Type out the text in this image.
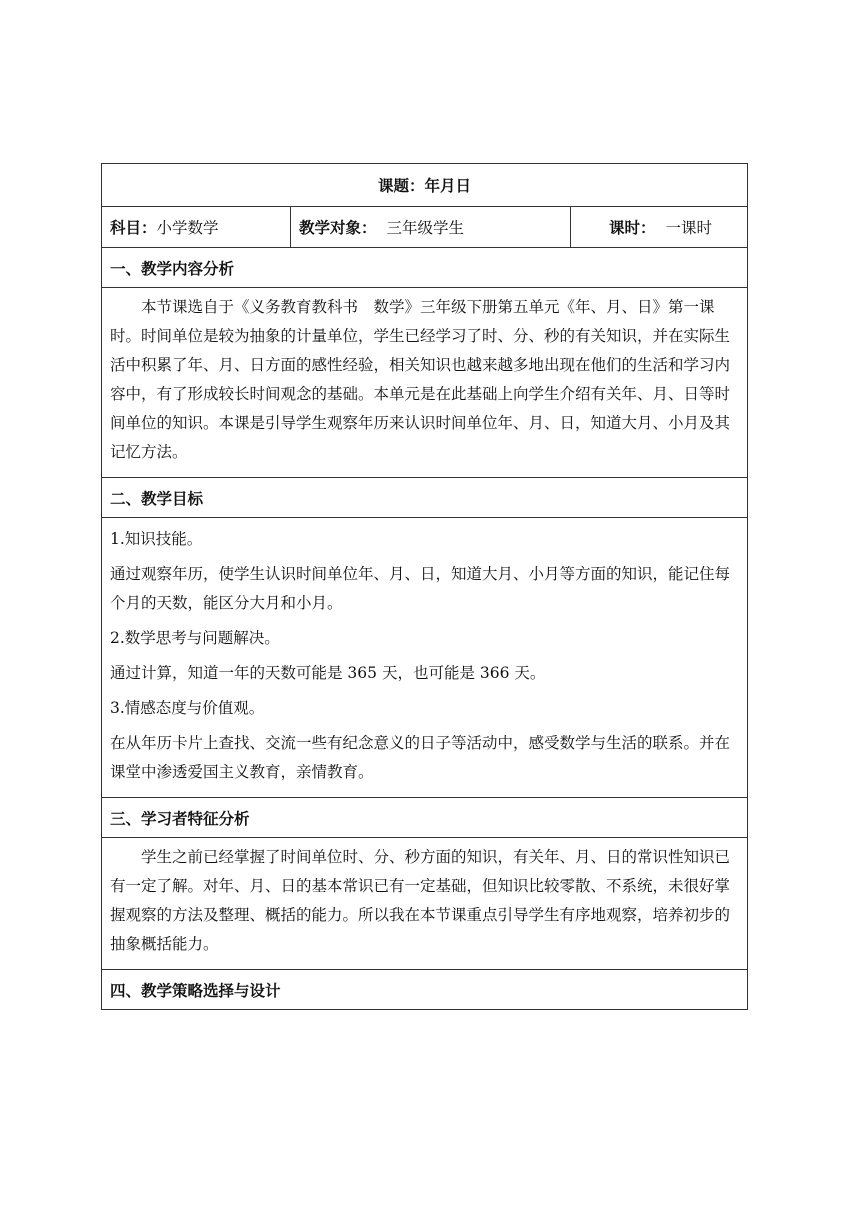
课题：年月日
科目：小学数学	教学对象： 三年级学生	课时： 一课时
一、教学内容分析

本节课选自于《义务教育教科书　数学》三年级下册第五单元《年、月、日》第一课时。时间单位是较为抽象的计量单位，学生已经学习了时、分、秒的有关知识，并在实际生活中积累了年、月、日方面的感性经验，相关知识也越来越多地出现在他们的生活和学习内容中，有了形成较长时间观念的基础。本单元是在此基础上向学生介绍有关年、月、日等时间单位的知识。本课是引导学生观察年历来认识时间单位年、月、日，知道大月、小月及其记忆方法。

二、教学目标

1.知识技能。

通过观察年历，使学生认识时间单位年、月、日，知道大月、小月等方面的知识，能记住每个月的天数，能区分大月和小月。

2.数学思考与问题解决。

通过计算，知道一年的天数可能是 365 天，也可能是 366 天。

3.情感态度与价值观。

在从年历卡片上查找、交流一些有纪念意义的日子等活动中，感受数学与生活的联系。并在课堂中渗透爱国主义教育，亲情教育。

三、学习者特征分析

学生之前已经掌握了时间单位时、分、秒方面的知识，有关年、月、日的常识性知识已有一定了解。对年、月、日的基本常识已有一定基础，但知识比较零散、不系统，未很好掌握观察的方法及整理、概括的能力。所以我在本节课重点引导学生有序地观察，培养初步的抽象概括能力。

四、教学策略选择与设计
